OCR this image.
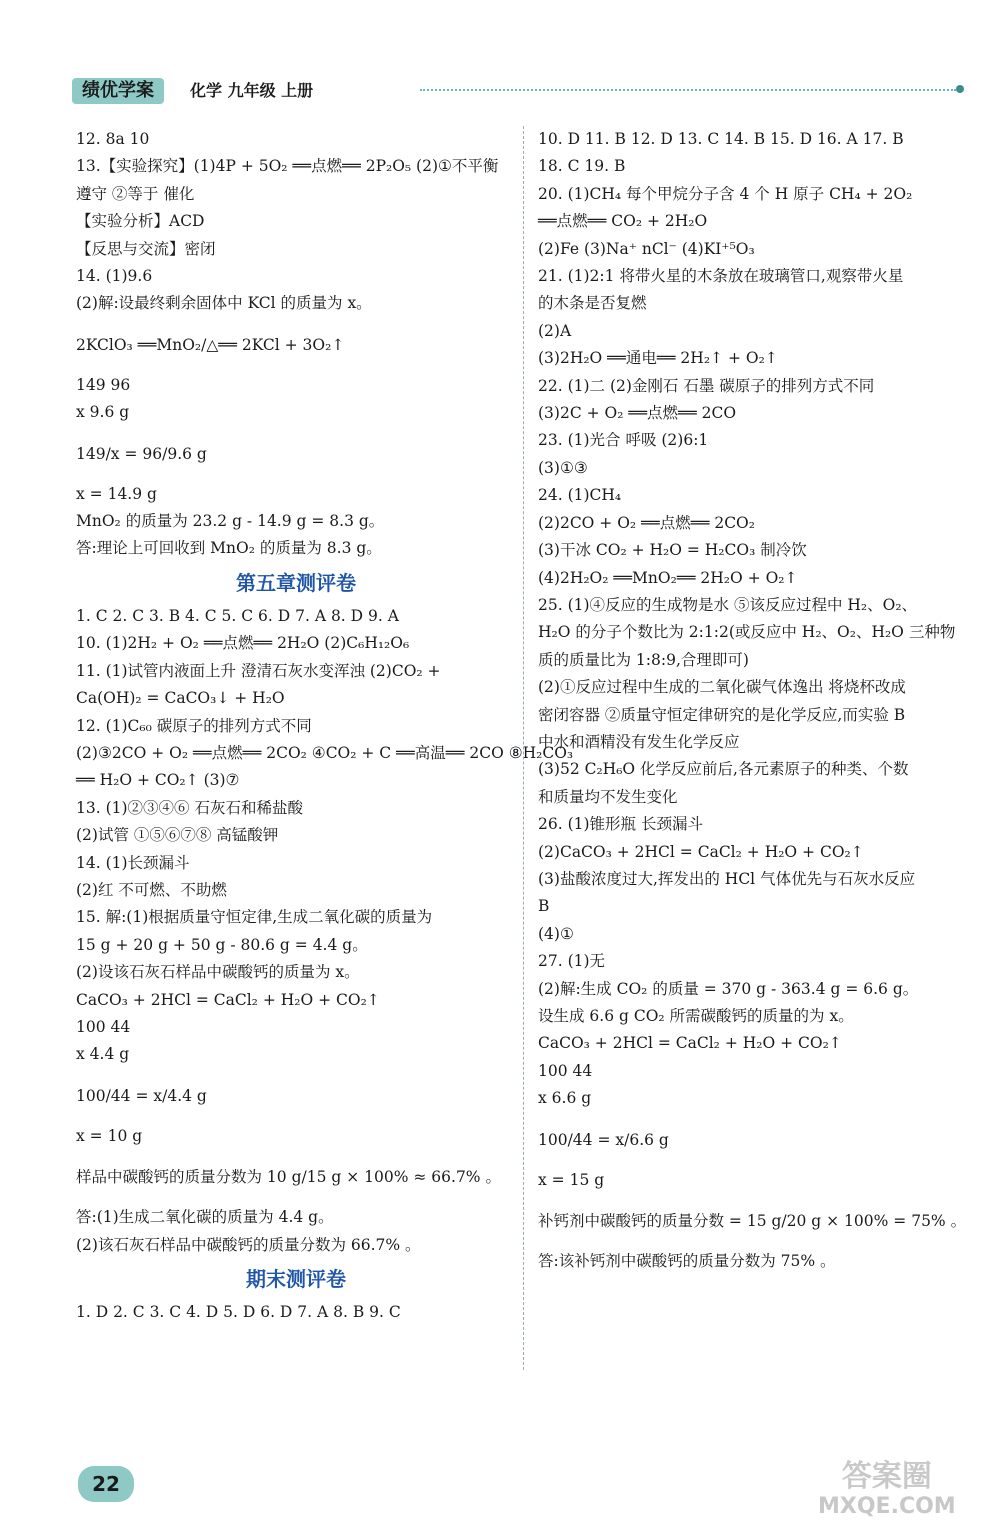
绩优学案	化学 九年级 上册
12. 8a 10
13.【实验探究】(1)4P + 5O₂ ══点燃══ 2P₂O₅ (2)①不平衡
遵守 ②等于 催化
【实验分析】ACD
【反思与交流】密闭
14. (1)9.6
(2)解:设最终剩余固体中 KCl 的质量为 x。
2KClO₃ ══MnO₂/△══ 2KCl + 3O₂↑
149 96
x 9.6 g
149/x = 96/9.6 g
x = 14.9 g
MnO₂ 的质量为 23.2 g - 14.9 g = 8.3 g。
答:理论上可回收到 MnO₂ 的质量为 8.3 g。
第五章测评卷
1. C 2. C 3. B 4. C 5. C 6. D 7. A 8. D 9. A
10. (1)2H₂ + O₂ ══点燃══ 2H₂O (2)C₆H₁₂O₆
11. (1)试管内液面上升 澄清石灰水变浑浊 (2)CO₂ +
Ca(OH)₂ = CaCO₃↓ + H₂O
12. (1)C₆₀ 碳原子的排列方式不同
(2)③2CO + O₂ ══点燃══ 2CO₂ ④CO₂ + C ══高温══ 2CO ⑧H₂CO₃
══ H₂O + CO₂↑ (3)⑦
13. (1)②③④⑥ 石灰石和稀盐酸
(2)试管 ①⑤⑥⑦⑧ 高锰酸钾
14. (1)长颈漏斗
(2)红 不可燃、不助燃
15. 解:(1)根据质量守恒定律,生成二氧化碳的质量为
15 g + 20 g + 50 g - 80.6 g = 4.4 g。
(2)设该石灰石样品中碳酸钙的质量为 x。
CaCO₃ + 2HCl = CaCl₂ + H₂O + CO₂↑
100 44
x 4.4 g
100/44 = x/4.4 g
x = 10 g
样品中碳酸钙的质量分数为 10 g/15 g × 100% ≈ 66.7% 。
答:(1)生成二氧化碳的质量为 4.4 g。
(2)该石灰石样品中碳酸钙的质量分数为 66.7% 。
期末测评卷
1. D 2. C 3. C 4. D 5. D 6. D 7. A 8. B 9. C
10. D 11. B 12. D 13. C 14. B 15. D 16. A 17. B
18. C 19. B
20. (1)CH₄ 每个甲烷分子含 4 个 H 原子 CH₄ + 2O₂
══点燃══ CO₂ + 2H₂O
(2)Fe (3)Na⁺ nCl⁻ (4)KI⁺⁵O₃
21. (1)2:1 将带火星的木条放在玻璃管口,观察带火星
的木条是否复燃
(2)A
(3)2H₂O ══通电══ 2H₂↑ + O₂↑
22. (1)二 (2)金刚石 石墨 碳原子的排列方式不同
(3)2C + O₂ ══点燃══ 2CO
23. (1)光合 呼吸 (2)6:1
(3)①③
24. (1)CH₄
(2)2CO + O₂ ══点燃══ 2CO₂
(3)干冰 CO₂ + H₂O = H₂CO₃ 制冷饮
(4)2H₂O₂ ══MnO₂══ 2H₂O + O₂↑
25. (1)④反应的生成物是水 ⑤该反应过程中 H₂、O₂、
H₂O 的分子个数比为 2:1:2(或反应中 H₂、O₂、H₂O 三种物
质的质量比为 1:8:9,合理即可)
(2)①反应过程中生成的二氧化碳气体逸出 将烧杯改成
密闭容器 ②质量守恒定律研究的是化学反应,而实验 B
中水和酒精没有发生化学反应
(3)52 C₂H₆O 化学反应前后,各元素原子的种类、个数
和质量均不发生变化
26. (1)锥形瓶 长颈漏斗
(2)CaCO₃ + 2HCl = CaCl₂ + H₂O + CO₂↑
(3)盐酸浓度过大,挥发出的 HCl 气体优先与石灰水反应
B
(4)①
27. (1)无
(2)解:生成 CO₂ 的质量 = 370 g - 363.4 g = 6.6 g。
设生成 6.6 g CO₂ 所需碳酸钙的质量的为 x。
CaCO₃ + 2HCl = CaCl₂ + H₂O + CO₂↑
100 44
x 6.6 g
100/44 = x/6.6 g
x = 15 g
补钙剂中碳酸钙的质量分数 = 15 g/20 g × 100% = 75% 。
答:该补钙剂中碳酸钙的质量分数为 75% 。
22	答案圈
MXQE.COM
